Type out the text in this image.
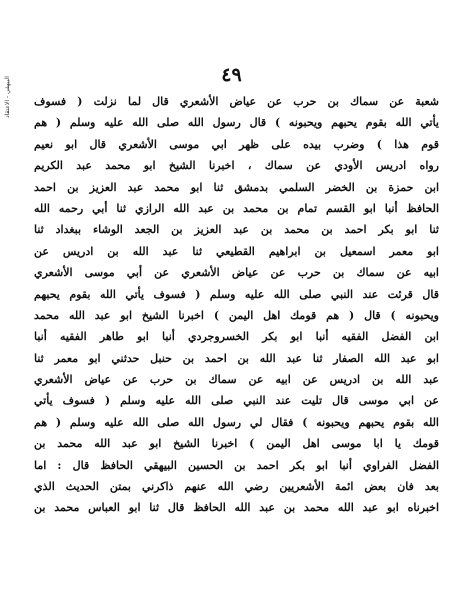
البيهقي - الاعتقاد
٤٩
شعبة عن سماك بن حرب عن عياض الأشعري قال لما نزلت ( فسوف
يأتي الله بقوم يحبهم ويحبونه ) قال رسول الله صلى الله عليه وسلم ( هم
قوم هذا ) وضرب بيده على ظهر ابي موسى الأشعري قال ابو نعيم
رواه ادريس الأودي عن سماك ، اخبرنا الشيخ ابو محمد عبد الكريم
ابن حمزة بن الخضر السلمي بدمشق ثنا ابو محمد عبد العزيز بن احمد
الحافظ أنبا ابو القسم تمام بن محمد بن عبد الله الرازي ثنا أبي رحمه الله
ثنا ابو بكر احمد بن محمد بن عبد العزيز بن الجعد الوشاء ببغداد ثنا
ابو معمر اسمعيل بن ابراهيم القطيعي ثنا عبد الله بن ادريس عن
ابيه عن سماك بن حرب عن عياض الأشعري عن أبي موسى الأشعري
قال قرئت عند النبي صلى الله عليه وسلم ( فسوف يأتي الله بقوم يحبهم
ويحبونه ) قال ( هم قومك اهل اليمن ) اخبرنا الشيخ ابو عبد الله محمد
ابن الفضل الفقيه أنبا ابو بكر الخسروجردي أنبا ابو طاهر الفقيه أنبا
ابو عبد الله الصفار ثنا عبد الله بن احمد بن حنبل حدثني ابو معمر ثنا
عبد الله بن ادريس عن ابيه عن سماك بن حرب عن عياض الأشعري
عن ابي موسى قال تليت عند النبي صلى الله عليه وسلم ( فسوف يأتي
الله بقوم يحبهم ويحبونه ) فقال لي رسول الله صلى الله عليه وسلم ( هم
قومك يا ابا موسى اهل اليمن ) اخبرنا الشيخ ابو عبد الله محمد بن
الفضل الفراوي أنبا ابو بكر احمد بن الحسين البيهقي الحافظ قال : اما
بعد فان بعض ائمة الأشعريين رضي الله عنهم ذاكرني بمتن الحديث الذي
اخبرناه ابو عبد الله محمد بن عبد الله الحافظ قال ثنا ابو العباس محمد بن
